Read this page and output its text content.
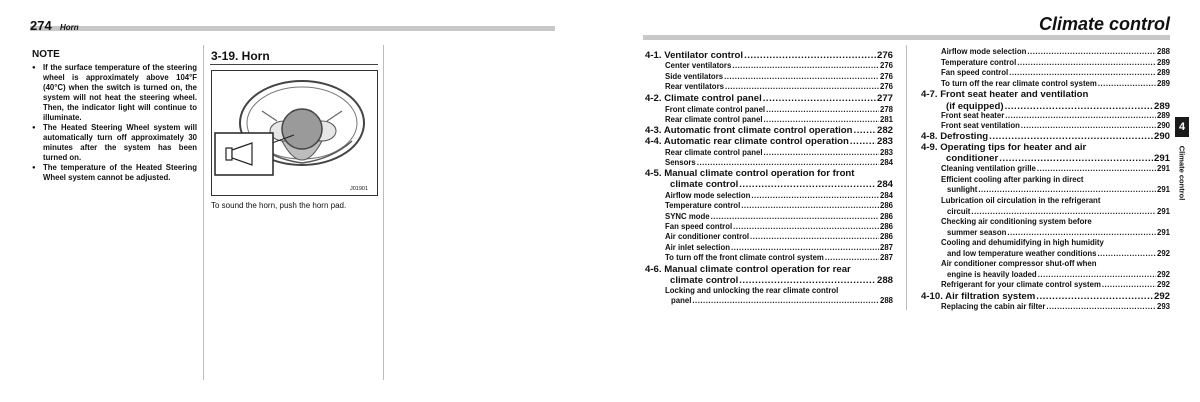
274 Horn
NOTE
● If the surface temperature of the steering wheel is approximately above 104°F (40°C) when the switch is turned on, the system will not heat the steering wheel. Then, the indicator light will continue to illuminate.
● The Heated Steering Wheel system will automatically turn off approximately 30 minutes after the system has been turned on.
● The temperature of the Heated Steering Wheel system cannot be adjusted.
3-19. Horn
J01901
To sound the horn, push the horn pad.
Climate control
4-1. Ventilator control .....	276
Center ventilators .....	276
Side ventilators .....	276
Rear ventilators .....	276
4-2. Climate control panel .....	277
Front climate control panel .....	278
Rear climate control panel .....	281
4-3. Automatic front climate control operation .....	282
4-4. Automatic rear climate control operation .....	283
Rear climate control panel .....	283
Sensors .....	284
4-5. Manual climate control operation for front
climate control .....	284
Airflow mode selection .....	284
Temperature control .....	286
SYNC mode .....	286
Fan speed control .....	286
Air conditioner control .....	286
Air inlet selection .....	287
To turn off the front climate control system .....	287
4-6. Manual climate control operation for rear
climate control .....	288
Locking and unlocking the rear climate control
panel .....	288
Airflow mode selection .....	288
Temperature control .....	289
Fan speed control .....	289
To turn off the rear climate control system .....	289
4-7. Front seat heater and ventilation
(if equipped) .....	289
Front seat heater .....	289
Front seat ventilation .....	290
4-8. Defrosting .....	290
4-9. Operating tips for heater and air
conditioner .....	291
Cleaning ventilation grille .....	291
Efficient cooling after parking in direct
sunlight .....	291
Lubrication oil circulation in the refrigerant
circuit .....	291
Checking air conditioning system before
summer season .....	291
Cooling and dehumidifying in high humidity
and low temperature weather conditions .....	292
Air conditioner compressor shut-off when
engine is heavily loaded .....	292
Refrigerant for your climate control system .....	292
4-10. Air filtration system .....	292
Replacing the cabin air filter .....	293
4
Climate control
